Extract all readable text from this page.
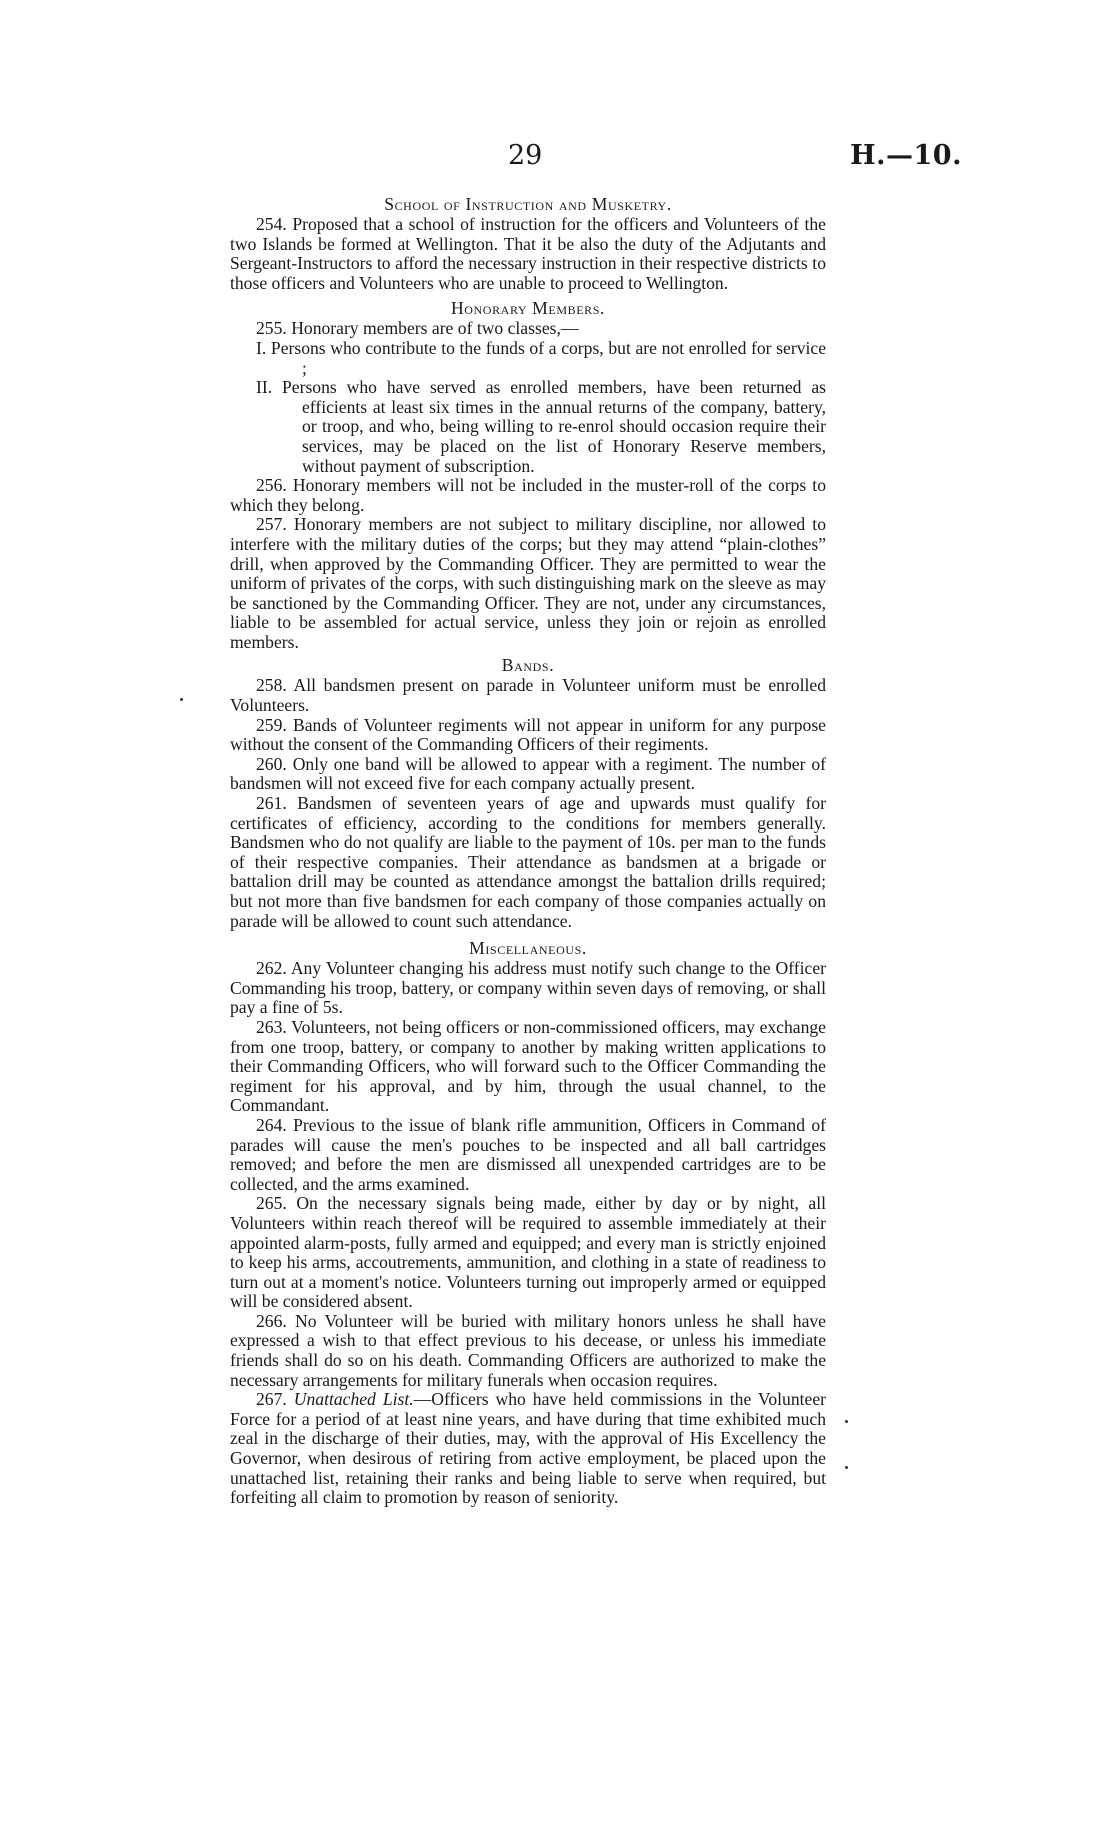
29	H.—10.
School of Instruction and Musketry.

254. Proposed that a school of instruction for the officers and Volunteers of the two Islands be formed at Wellington. That it be also the duty of the Adjutants and Sergeant-Instructors to afford the necessary instruction in their respective districts to those officers and Volunteers who are unable to proceed to Wellington.

Honorary Members.

255. Honorary members are of two classes,—

I. Persons who contribute to the funds of a corps, but are not enrolled for service ;

II. Persons who have served as enrolled members, have been returned as efficients at least six times in the annual returns of the company, battery, or troop, and who, being willing to re-enrol should occasion require their services, may be placed on the list of Honorary Reserve members, without payment of subscription.

256. Honorary members will not be included in the muster-roll of the corps to which they belong.

257. Honorary members are not subject to military discipline, nor allowed to interfere with the military duties of the corps; but they may attend “plain-clothes” drill, when approved by the Commanding Officer. They are permitted to wear the uniform of privates of the corps, with such distinguishing mark on the sleeve as may be sanctioned by the Commanding Officer. They are not, under any circumstances, liable to be assembled for actual service, unless they join or rejoin as enrolled members.

Bands.

258. All bandsmen present on parade in Volunteer uniform must be enrolled Volunteers.

259. Bands of Volunteer regiments will not appear in uniform for any purpose without the consent of the Commanding Officers of their regiments.

260. Only one band will be allowed to appear with a regiment. The number of bandsmen will not exceed five for each company actually present.

261. Bandsmen of seventeen years of age and upwards must qualify for certificates of efficiency, according to the conditions for members generally. Bandsmen who do not qualify are liable to the payment of 10s. per man to the funds of their respective companies. Their attendance as bandsmen at a brigade or battalion drill may be counted as attendance amongst the battalion drills required; but not more than five bandsmen for each company of those companies actually on parade will be allowed to count such attendance.

Miscellaneous.

262. Any Volunteer changing his address must notify such change to the Officer Commanding his troop, battery, or company within seven days of removing, or shall pay a fine of 5s.

263. Volunteers, not being officers or non-commissioned officers, may exchange from one troop, battery, or company to another by making written applications to their Commanding Officers, who will forward such to the Officer Commanding the regiment for his approval, and by him, through the usual channel, to the Commandant.

264. Previous to the issue of blank rifle ammunition, Officers in Command of parades will cause the men's pouches to be inspected and all ball cartridges removed; and before the men are dismissed all unexpended cartridges are to be collected, and the arms examined.

265. On the necessary signals being made, either by day or by night, all Volunteers within reach thereof will be required to assemble immediately at their appointed alarm-posts, fully armed and equipped; and every man is strictly enjoined to keep his arms, accoutrements, ammunition, and clothing in a state of readiness to turn out at a moment's notice. Volunteers turning out improperly armed or equipped will be considered absent.

266. No Volunteer will be buried with military honors unless he shall have expressed a wish to that effect previous to his decease, or unless his immediate friends shall do so on his death. Commanding Officers are authorized to make the necessary arrangements for military funerals when occasion requires.

267. Unattached List.—Officers who have held commissions in the Volunteer Force for a period of at least nine years, and have during that time exhibited much zeal in the discharge of their duties, may, with the approval of His Excellency the Governor, when desirous of retiring from active employment, be placed upon the unattached list, retaining their ranks and being liable to serve when required, but forfeiting all claim to promotion by reason of seniority.
